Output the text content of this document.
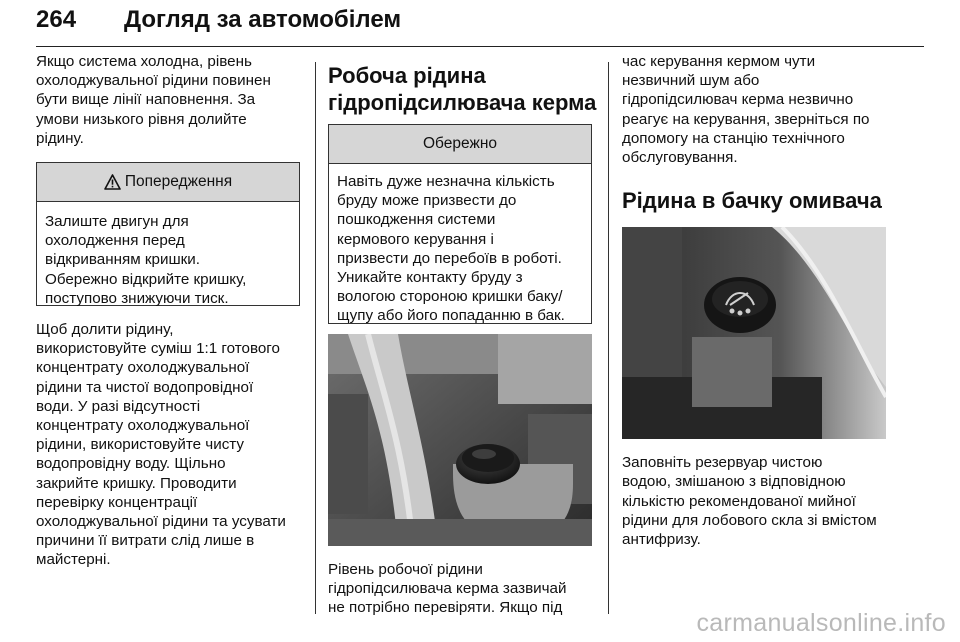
264 Догляд за автомобілем

Якщо система холодна, рівень
охолоджувальної рідини повинен
бути вище лінії наповнення. За
умови низького рівня долийте
рідину.

Попередження

Залиште двигун для
охолодження перед
відкриванням кришки.
Обережно відкрийте кришку,
поступово знижуючи тиск.

Щоб долити рідину,
використовуйте суміш 1:1 готового
концентрату охолоджувальної
рідини та чистої водопровідної
води. У разі відсутності
концентрату охолоджувальної
рідини, використовуйте чисту
водопровідну воду. Щільно
закрийте кришку. Проводити
перевірку концентрації
охолоджувальної рідини та усувати
причини її витрати слід лише в
майстерні.

Робоча рідина
гідропідсилювача керма
Обережно

Навіть дуже незначна кількість
бруду може призвести до
пошкодження системи
кермового керування і
призвести до перебоїв в роботі.
Уникайте контакту бруду з
вологою стороною кришки баку/
щупу або його попаданню в бак.

Рівень робочої рідини
гідропідсилювача керма зазвичай
не потрібно перевіряти. Якщо під

час керування кермом чути
незвичний шум або
гідропідсилювач керма незвично
реагує на керування, зверніться по
допомогу на станцію технічного
обслуговування.

Рідина в бачку омивача

Заповніть резервуар чистою
водою, змішаною з відповідною
кількістю рекомендованої мийної
рідини для лобового скла зі вмістом
антифризу.

carmanualsonline.info
